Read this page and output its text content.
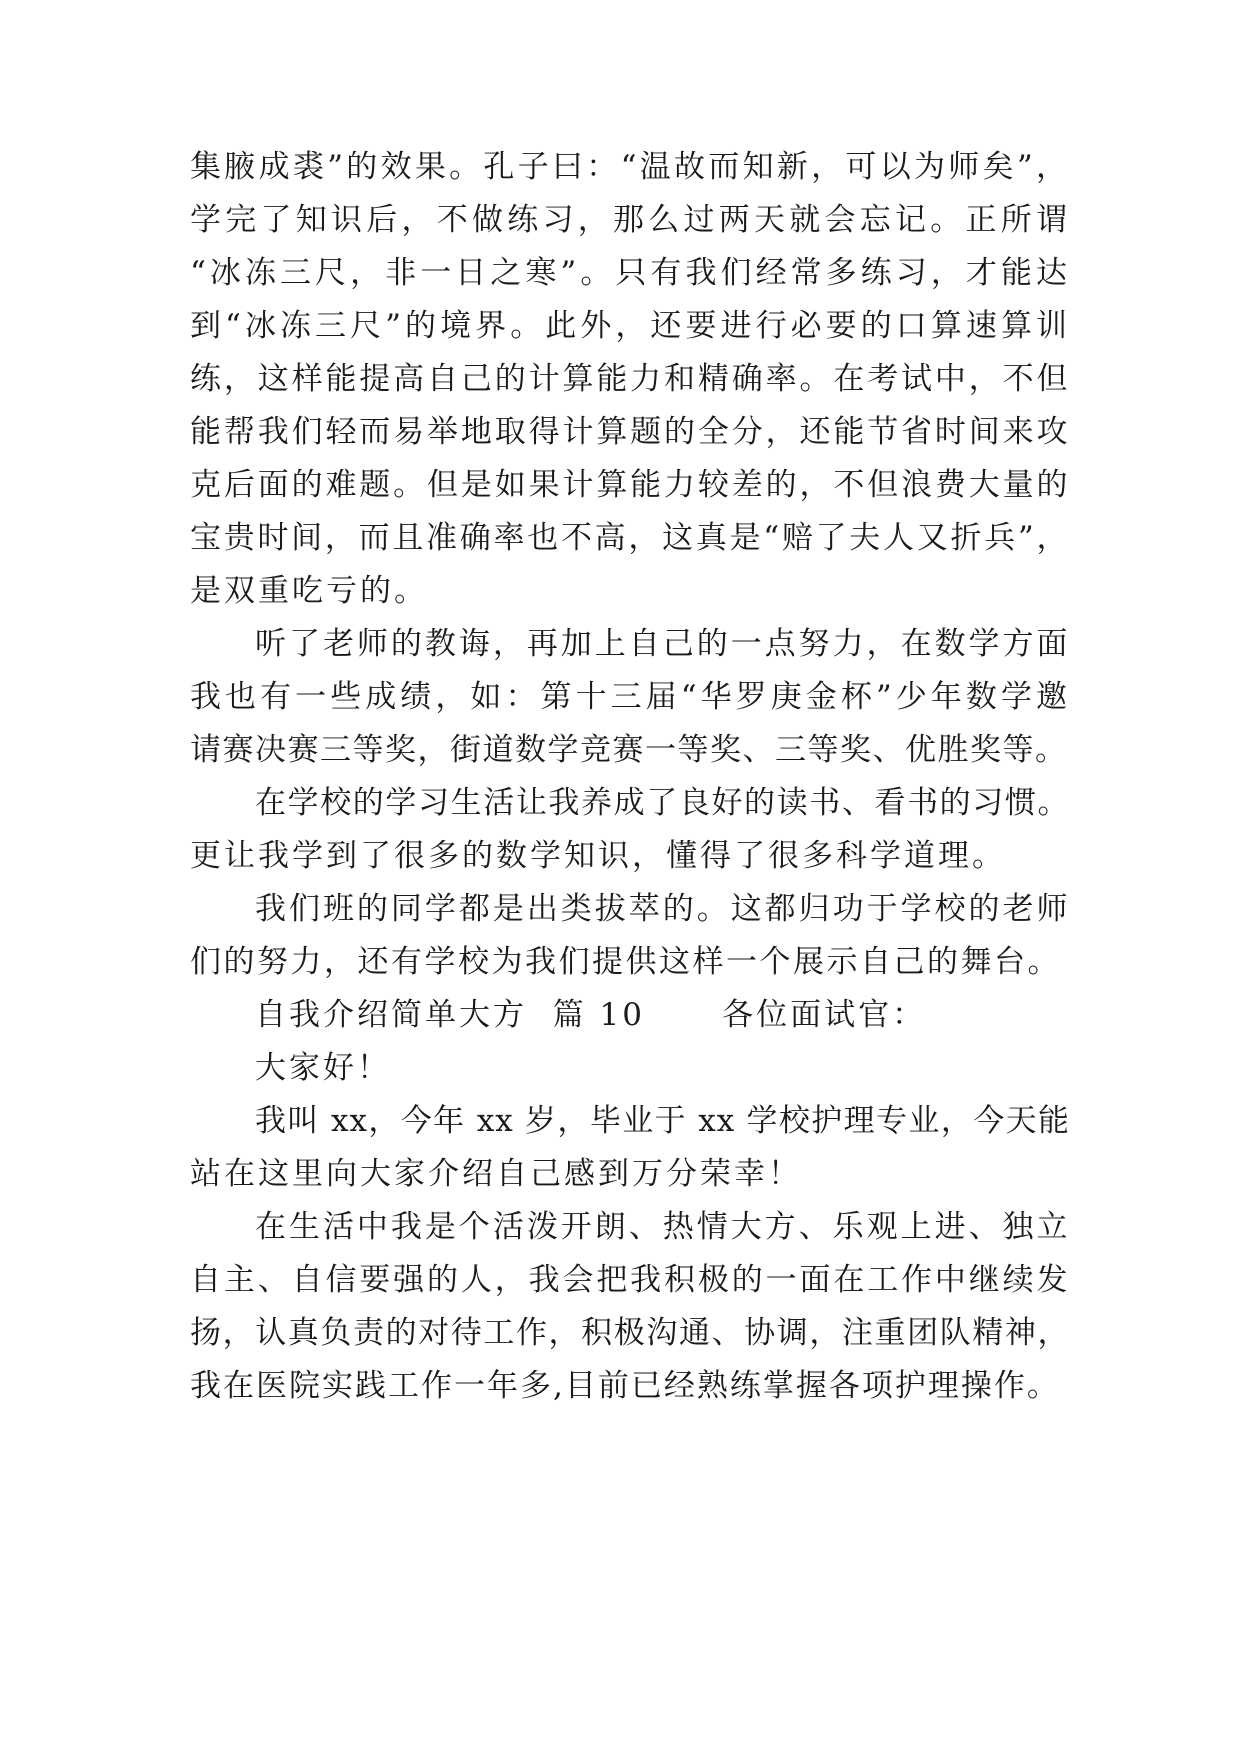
集腋成裘”的效果。孔子曰：“温故而知新，可以为师矣”，
学完了知识后，不做练习，那么过两天就会忘记。正所谓
“冰冻三尺，非一日之寒”。只有我们经常多练习，才能达
到“冰冻三尺”的境界。此外，还要进行必要的口算速算训
练，这样能提高自己的计算能力和精确率。在考试中，不但
能帮我们轻而易举地取得计算题的全分，还能节省时间来攻
克后面的难题。但是如果计算能力较差的，不但浪费大量的
宝贵时间，而且准确率也不高，这真是“赔了夫人又折兵”，
是双重吃亏的。
听了老师的教诲，再加上自己的一点努力，在数学方面
我也有一些成绩，如：第十三届“华罗庚金杯”少年数学邀
请赛决赛三等奖，街道数学竞赛一等奖、三等奖、优胜奖等。
在学校的学习生活让我养成了良好的读书、看书的习惯。
更让我学到了很多的数学知识，懂得了很多科学道理。
我们班的同学都是出类拔萃的。这都归功于学校的老师
们的努力，还有学校为我们提供这样一个展示自己的舞台。
自我介绍简单大方  篇 10      各位面试官：
大家好！
我叫 xx，今年 xx 岁，毕业于 xx 学校护理专业，今天能
站在这里向大家介绍自己感到万分荣幸！
在生活中我是个活泼开朗、热情大方、乐观上进、独立
自主、自信要强的人，我会把我积极的一面在工作中继续发
扬，认真负责的对待工作，积极沟通、协调，注重团队精神，
我在医院实践工作一年多,目前已经熟练掌握各项护理操作。
